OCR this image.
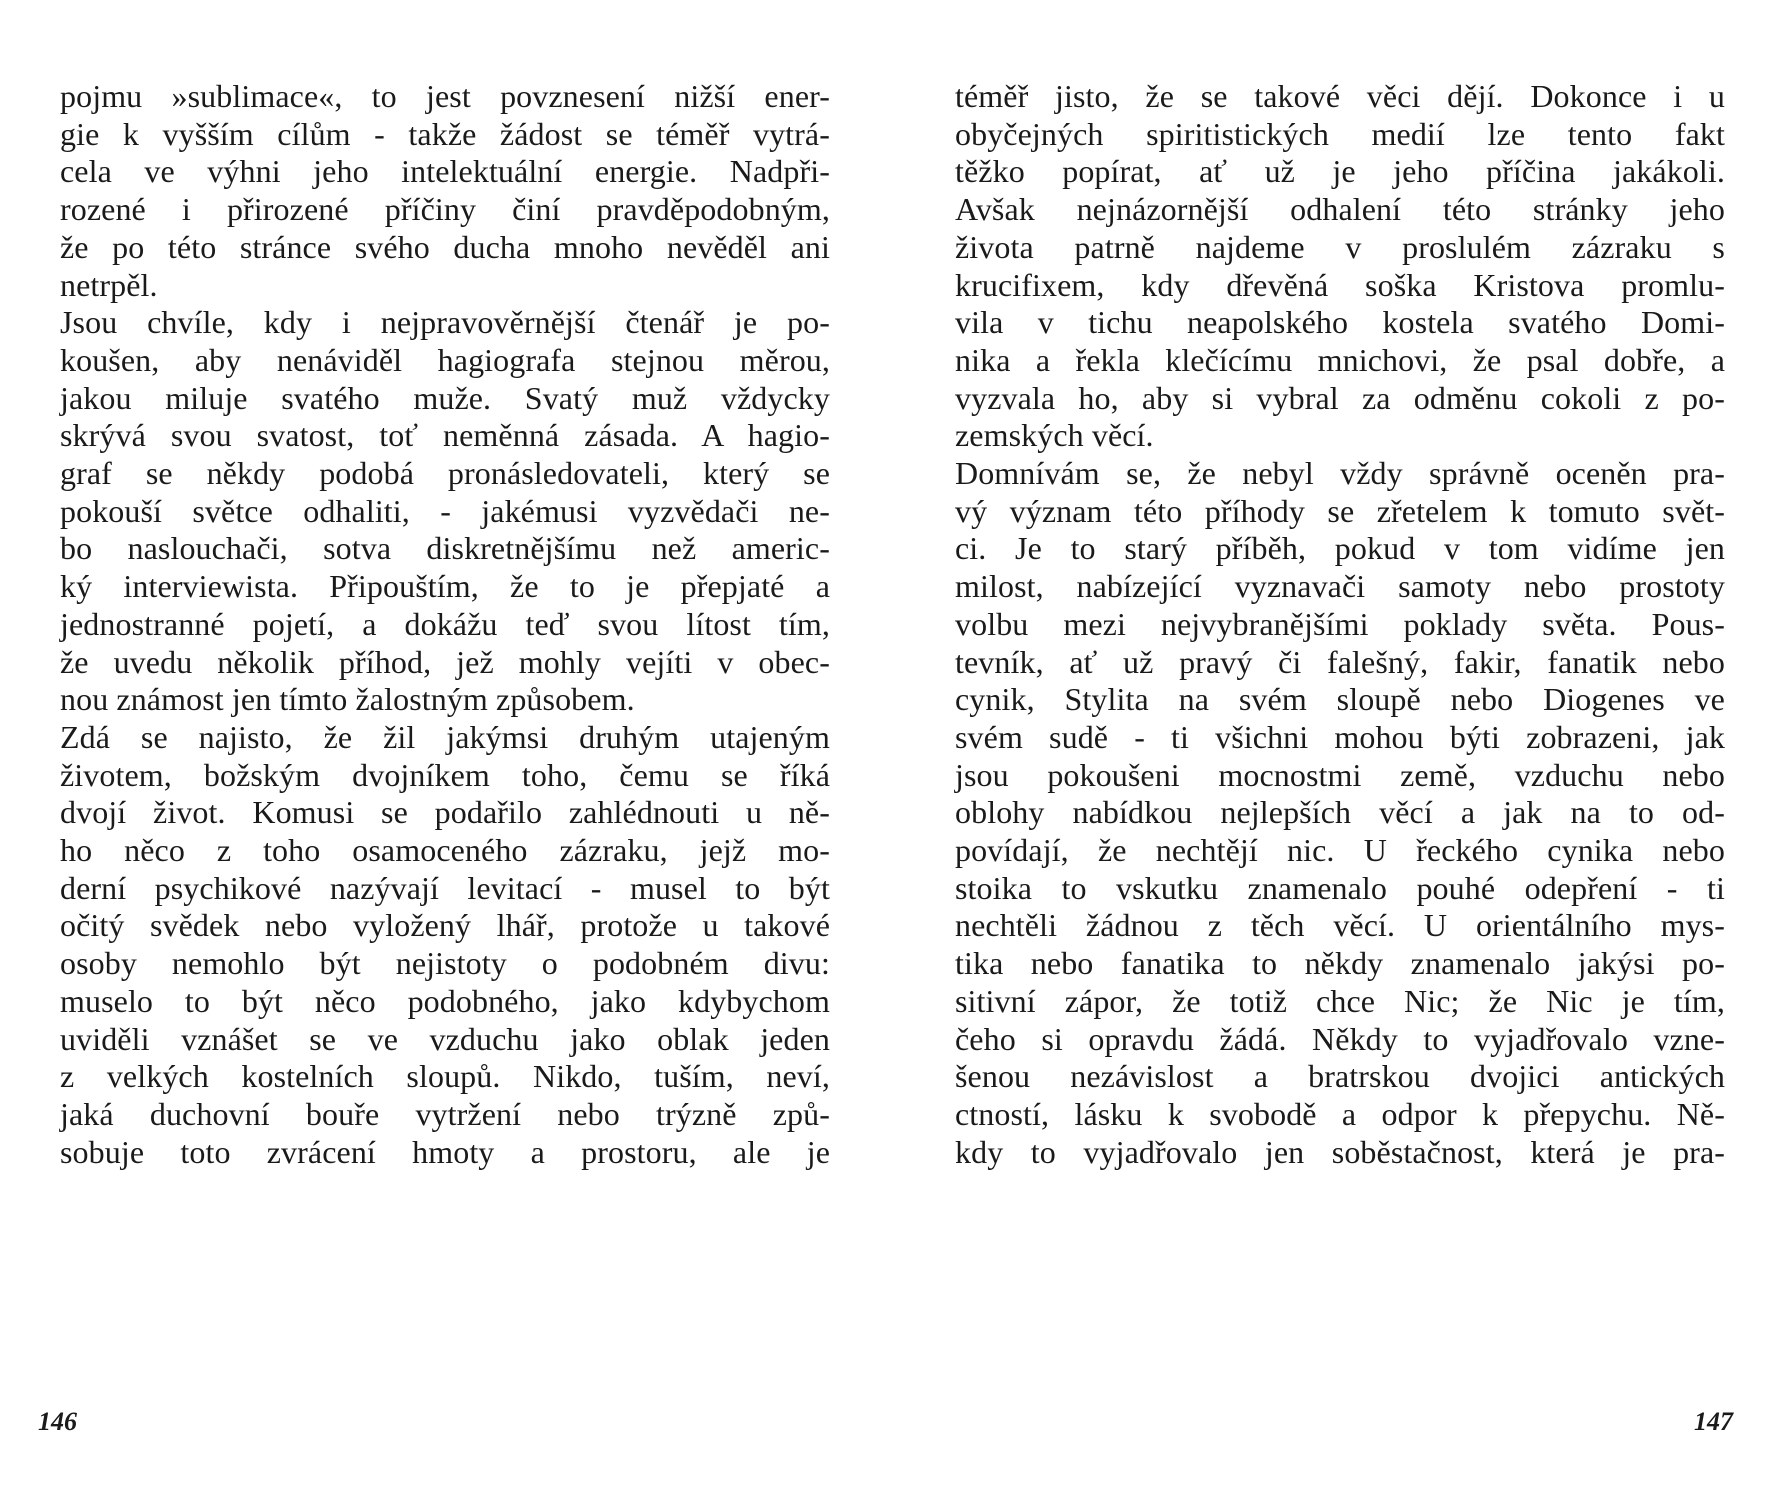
pojmu »sublimace«, to jest povznesení nižší ener-
gie k vyšším cílům - takže žádost se téměř vytrá-
cela ve výhni jeho intelektuální energie. Nadpři-
rozené i přirozené příčiny činí pravděpodobným,
že po této stránce svého ducha mnoho nevěděl ani
netrpěl.
Jsou chvíle, kdy i nejpravověrnější čtenář je po-
koušen, aby nenáviděl hagiografa stejnou měrou,
jakou miluje svatého muže. Svatý muž vždycky
skrývá svou svatost, toť neměnná zásada. A hagio-
graf se někdy podobá pronásledovateli, který se
pokouší světce odhaliti, - jakémusi vyzvědači ne-
bo naslouchači, sotva diskretnějšímu než americ-
ký interviewista. Připouštím, že to je přepjaté a
jednostranné pojetí, a dokážu teď svou lítost tím,
že uvedu několik příhod, jež mohly vejíti v obec-
nou známost jen tímto žalostným způsobem.
Zdá se najisto, že žil jakýmsi druhým utajeným
životem, božským dvojníkem toho, čemu se říká
dvojí život. Komusi se podařilo zahlédnouti u ně-
ho něco z toho osamoceného zázraku, jejž mo-
derní psychikové nazývají levitací - musel to být
očitý svědek nebo vyložený lhář, protože u takové
osoby nemohlo být nejistoty o podobném divu:
muselo to být něco podobného, jako kdybychom
uviděli vznášet se ve vzduchu jako oblak jeden
z velkých kostelních sloupů. Nikdo, tuším, neví,
jaká duchovní bouře vytržení nebo trýzně způ-
sobuje toto zvrácení hmoty a prostoru, ale je
146
téměř jisto, že se takové věci dějí. Dokonce i u
obyčejných spiritistických medií lze tento fakt
těžko popírat, ať už je jeho příčina jakákoli.
Avšak nejnázornější odhalení této stránky jeho
života patrně najdeme v proslulém zázraku s
krucifixem, kdy dřevěná soška Kristova promlu-
vila v tichu neapolského kostela svatého Domi-
nika a řekla klečícímu mnichovi, že psal dobře, a
vyzvala ho, aby si vybral za odměnu cokoli z po-
zemských věcí.
Domnívám se, že nebyl vždy správně oceněn pra-
vý význam této příhody se zřetelem k tomuto svět-
ci. Je to starý příběh, pokud v tom vidíme jen
milost, nabízející vyznavači samoty nebo prostoty
volbu mezi nejvybranějšími poklady světa. Pous-
tevník, ať už pravý či falešný, fakir, fanatik nebo
cynik, Stylita na svém sloupě nebo Diogenes ve
svém sudě - ti všichni mohou býti zobrazeni, jak
jsou pokoušeni mocnostmi země, vzduchu nebo
oblohy nabídkou nejlepších věcí a jak na to od-
povídají, že nechtějí nic. U řeckého cynika nebo
stoika to vskutku znamenalo pouhé odepření - ti
nechtěli žádnou z těch věcí. U orientálního mys-
tika nebo fanatika to někdy znamenalo jakýsi po-
sitivní zápor, že totiž chce Nic; že Nic je tím,
čeho si opravdu žádá. Někdy to vyjadřovalo vzne-
šenou nezávislost a bratrskou dvojici antických
ctností, lásku k svobodě a odpor k přepychu. Ně-
kdy to vyjadřovalo jen soběstačnost, která je pra-
147
